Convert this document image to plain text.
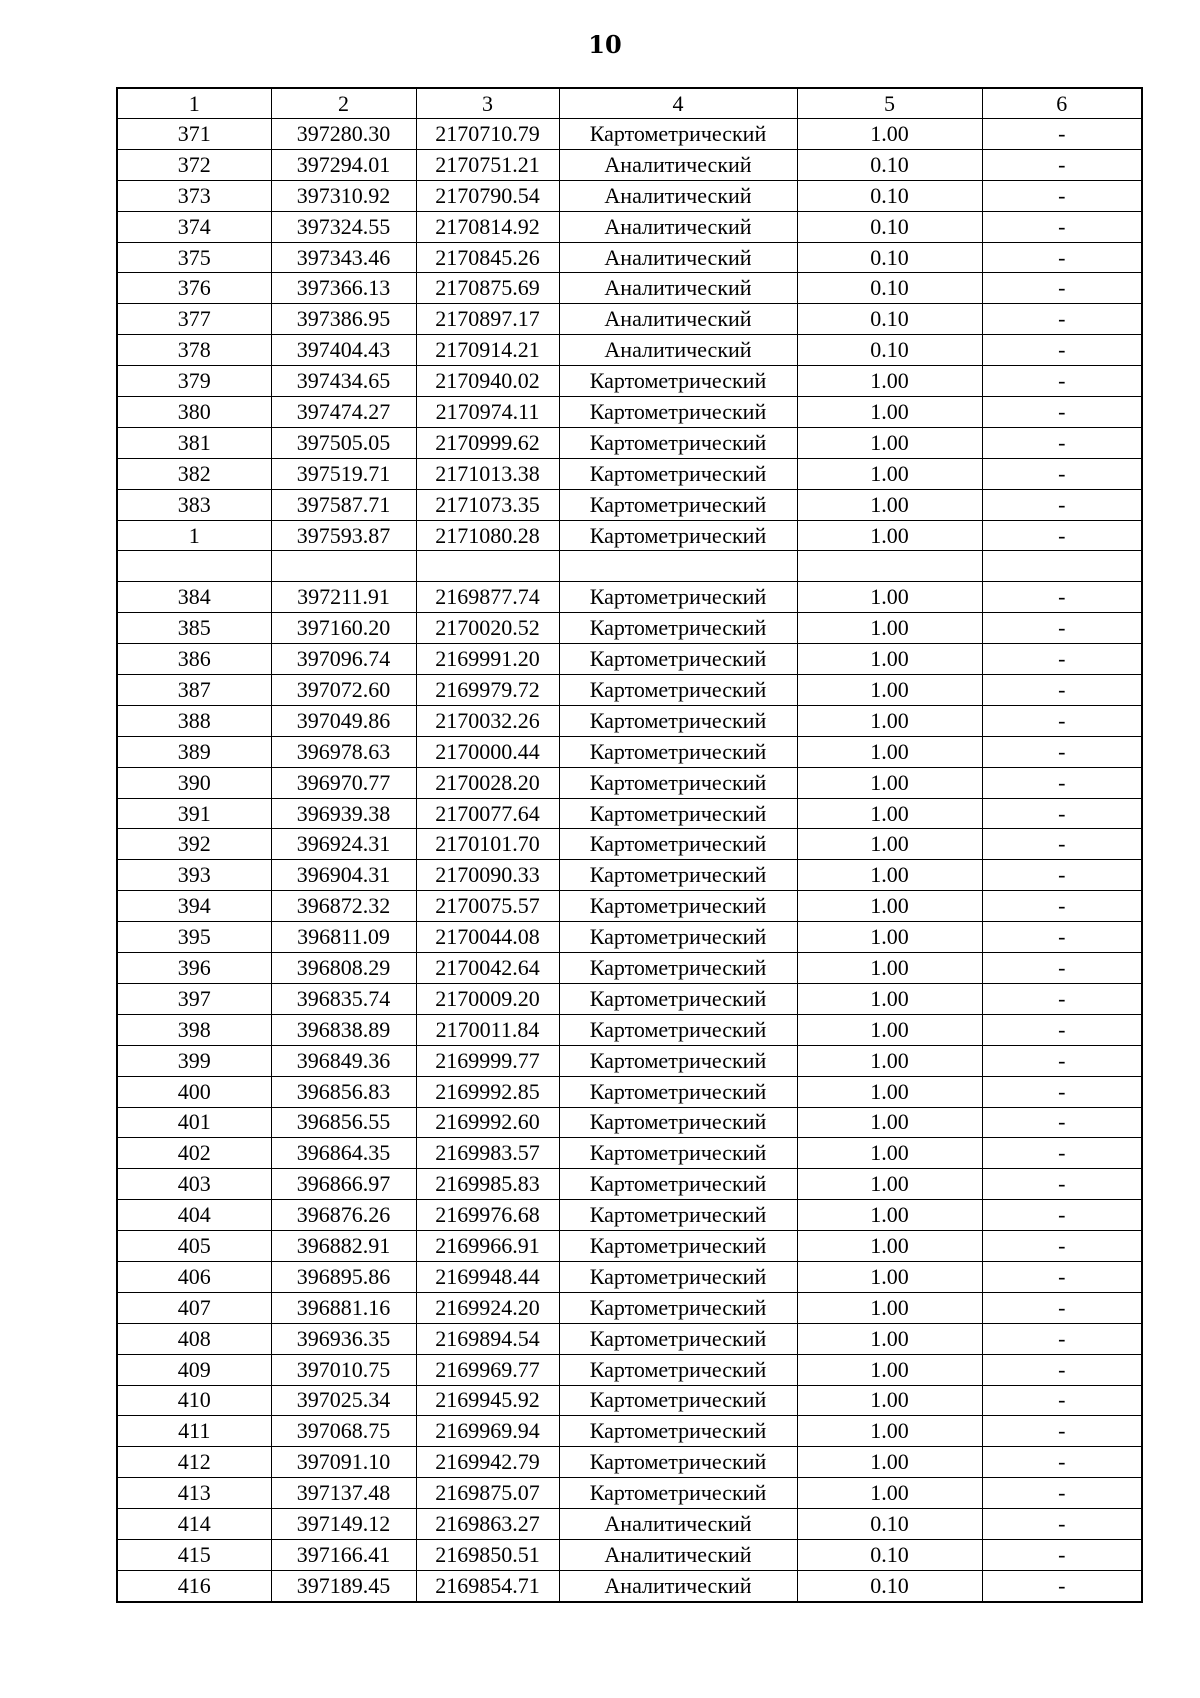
10
1	2	3	4	5	6
371	397280.30	2170710.79	Картометрический	1.00	-
372	397294.01	2170751.21	Аналитический	0.10	-
373	397310.92	2170790.54	Аналитический	0.10	-
374	397324.55	2170814.92	Аналитический	0.10	-
375	397343.46	2170845.26	Аналитический	0.10	-
376	397366.13	2170875.69	Аналитический	0.10	-
377	397386.95	2170897.17	Аналитический	0.10	-
378	397404.43	2170914.21	Аналитический	0.10	-
379	397434.65	2170940.02	Картометрический	1.00	-
380	397474.27	2170974.11	Картометрический	1.00	-
381	397505.05	2170999.62	Картометрический	1.00	-
382	397519.71	2171013.38	Картометрический	1.00	-
383	397587.71	2171073.35	Картометрический	1.00	-
1	397593.87	2171080.28	Картометрический	1.00	-

384	397211.91	2169877.74	Картометрический	1.00	-
385	397160.20	2170020.52	Картометрический	1.00	-
386	397096.74	2169991.20	Картометрический	1.00	-
387	397072.60	2169979.72	Картометрический	1.00	-
388	397049.86	2170032.26	Картометрический	1.00	-
389	396978.63	2170000.44	Картометрический	1.00	-
390	396970.77	2170028.20	Картометрический	1.00	-
391	396939.38	2170077.64	Картометрический	1.00	-
392	396924.31	2170101.70	Картометрический	1.00	-
393	396904.31	2170090.33	Картометрический	1.00	-
394	396872.32	2170075.57	Картометрический	1.00	-
395	396811.09	2170044.08	Картометрический	1.00	-
396	396808.29	2170042.64	Картометрический	1.00	-
397	396835.74	2170009.20	Картометрический	1.00	-
398	396838.89	2170011.84	Картометрический	1.00	-
399	396849.36	2169999.77	Картометрический	1.00	-
400	396856.83	2169992.85	Картометрический	1.00	-
401	396856.55	2169992.60	Картометрический	1.00	-
402	396864.35	2169983.57	Картометрический	1.00	-
403	396866.97	2169985.83	Картометрический	1.00	-
404	396876.26	2169976.68	Картометрический	1.00	-
405	396882.91	2169966.91	Картометрический	1.00	-
406	396895.86	2169948.44	Картометрический	1.00	-
407	396881.16	2169924.20	Картометрический	1.00	-
408	396936.35	2169894.54	Картометрический	1.00	-
409	397010.75	2169969.77	Картометрический	1.00	-
410	397025.34	2169945.92	Картометрический	1.00	-
411	397068.75	2169969.94	Картометрический	1.00	-
412	397091.10	2169942.79	Картометрический	1.00	-
413	397137.48	2169875.07	Картометрический	1.00	-
414	397149.12	2169863.27	Аналитический	0.10	-
415	397166.41	2169850.51	Аналитический	0.10	-
416	397189.45	2169854.71	Аналитический	0.10	-
